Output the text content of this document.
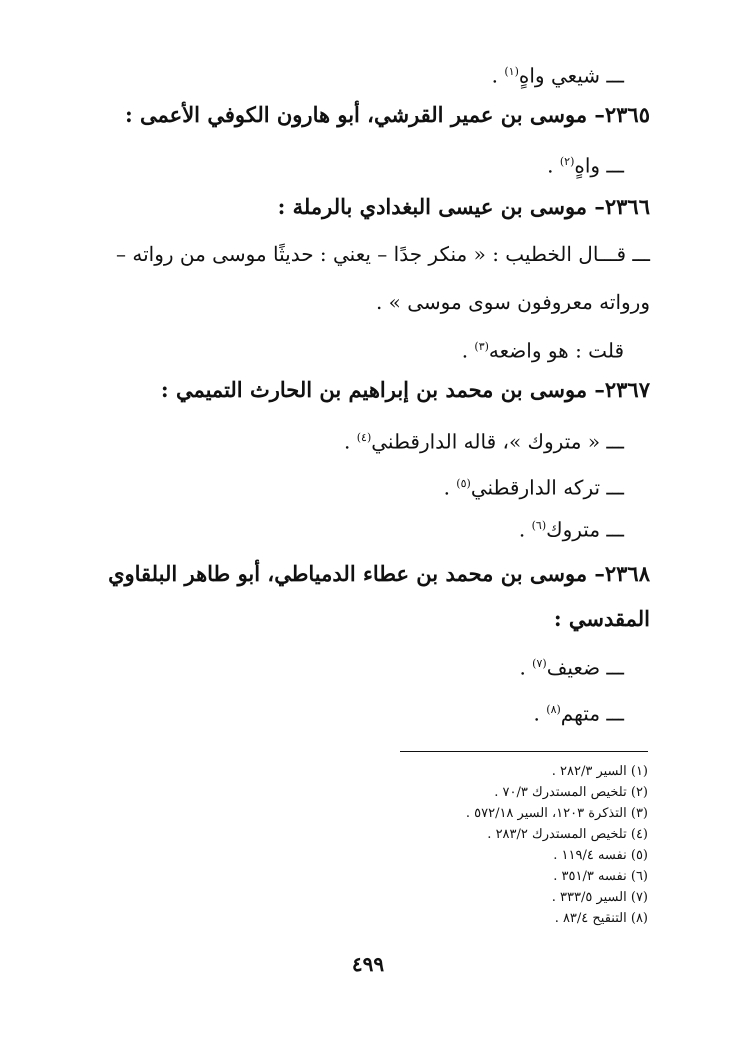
ـــ شيعي واهٍ$^{(١)}$ .
٢٣٦٥– موسى بن عمير القرشي، أبو هارون الكوفي الأعمى :
ـــ واهٍ$^{(٢)}$ .
٢٣٦٦– موسى بن عيسى البغدادي بالرملة :
ـــ قـــال الخطيب : « منكر جدًا – يعني : حديثًا موسى من رواته –
ورواته معروفون سوى موسى » .
قلت : هو واضعه$^{(٣)}$ .
٢٣٦٧– موسى بن محمد بن إبراهيم بن الحارث التميمي :
ـــ « متروك »، قاله الدارقطني$^{(٤)}$ .
ـــ تركه الدارقطني$^{(٥)}$ .
ـــ متروك$^{(٦)}$ .
٢٣٦٨– موسى بن محمد بن عطاء الدمياطي، أبو طاهر البلقاوي
المقدسي :
ـــ ضعيف$^{(٧)}$ .
ـــ متهم$^{(٨)}$ .
(١) السير ٢٨٢/٣ .
(٢) تلخيص المستدرك ٧٠/٣ .
(٣) التذكرة ١٢٠٣، السير ٥٧٢/١٨ .
(٤) تلخيص المستدرك ٢٨٣/٢ .
(٥) نفسه ١١٩/٤ .
(٦) نفسه ٣٥١/٣ .
(٧) السير ٣٣٣/٥ .
(٨) التنقيح ٨٣/٤ .
٤٩٩
